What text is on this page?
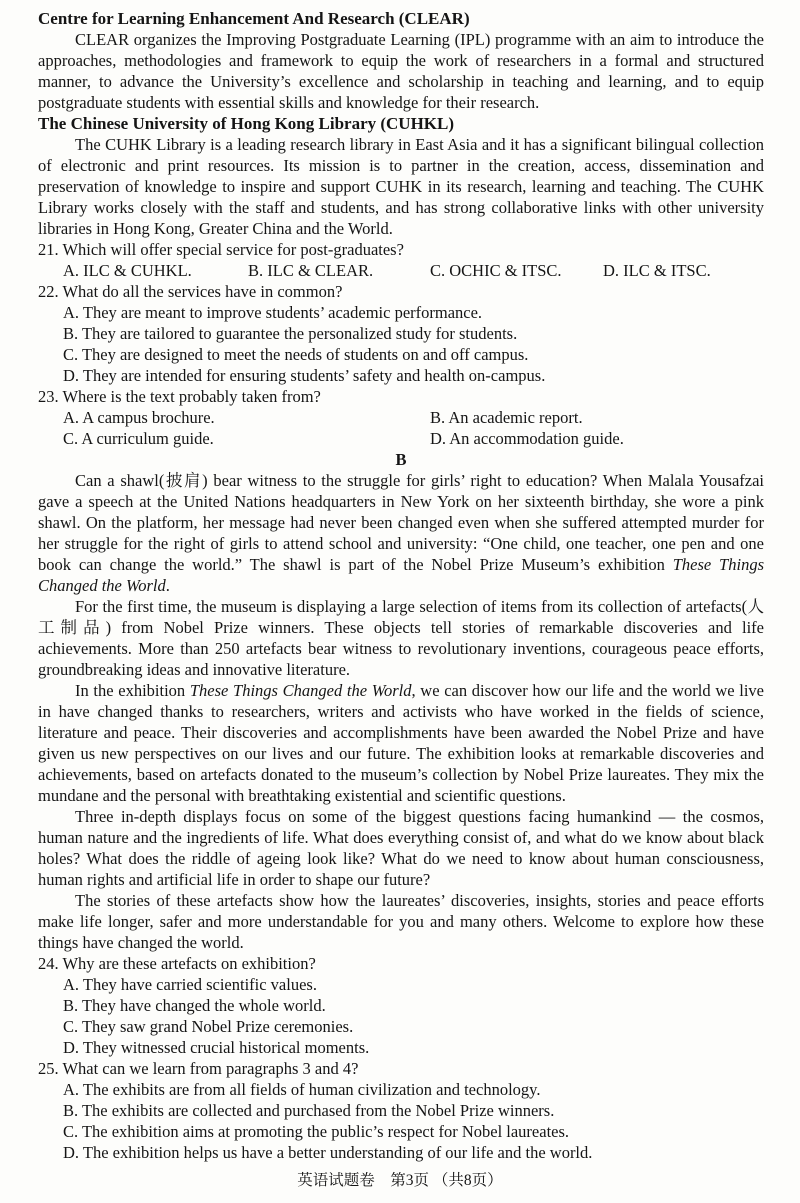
Centre for Learning Enhancement And Research (CLEAR)

CLEAR organizes the Improving Postgraduate Learning (IPL) programme with an aim to introduce the approaches, methodologies and framework to equip the work of researchers in a formal and structured manner, to advance the University’s excellence and scholarship in teaching and learning, and to equip postgraduate students with essential skills and knowledge for their research.

The Chinese University of Hong Kong Library (CUHKL)

The CUHK Library is a leading research library in East Asia and it has a significant bilingual collection of electronic and print resources. Its mission is to partner in the creation, access, dissemination and preservation of knowledge to inspire and support CUHK in its research, learning and teaching. The CUHK Library works closely with the staff and students, and has strong collaborative links with other university libraries in Hong Kong, Greater China and the World.

21. Which will offer special service for post-graduates?
A. ILC & CUHKL.	B. ILC & CLEAR.	C. OCHIC & ITSC.	D. ILC & ITSC.
22. What do all the services have in common?
A. They are meant to improve students’ academic performance.
B. They are tailored to guarantee the personalized study for students.
C. They are designed to meet the needs of students on and off campus.
D. They are intended for ensuring students’ safety and health on-campus.
23. Where is the text probably taken from?
A. A campus brochure.	B. An academic report.
C. A curriculum guide.	D. An accommodation guide.
B

Can a shawl(披肩) bear witness to the struggle for girls’ right to education? When Malala Yousafzai gave a speech at the United Nations headquarters in New York on her sixteenth birthday, she wore a pink shawl. On the platform, her message had never been changed even when she suffered attempted murder for her struggle for the right of girls to attend school and university: “One child, one teacher, one pen and one book can change the world.” The shawl is part of the Nobel Prize Museum’s exhibition These Things Changed the World.

For the first time, the museum is displaying a large selection of items from its collection of artefacts(人工制品) from Nobel Prize winners. These objects tell stories of remarkable discoveries and life achievements. More than 250 artefacts bear witness to revolutionary inventions, courageous peace efforts, groundbreaking ideas and innovative literature.

In the exhibition These Things Changed the World, we can discover how our life and the world we live in have changed thanks to researchers, writers and activists who have worked in the fields of science, literature and peace. Their discoveries and accomplishments have been awarded the Nobel Prize and have given us new perspectives on our lives and our future. The exhibition looks at remarkable discoveries and achievements, based on artefacts donated to the museum’s collection by Nobel Prize laureates. They mix the mundane and the personal with breathtaking existential and scientific questions.

Three in-depth displays focus on some of the biggest questions facing humankind — the cosmos, human nature and the ingredients of life. What does everything consist of, and what do we know about black holes? What does the riddle of ageing look like? What do we need to know about human consciousness, human rights and artificial life in order to shape our future?

The stories of these artefacts show how the laureates’ discoveries, insights, stories and peace efforts make life longer, safer and more understandable for you and many others. Welcome to explore how these things have changed the world.

24. Why are these artefacts on exhibition?
A. They have carried scientific values.
B. They have changed the whole world.
C. They saw grand Nobel Prize ceremonies.
D. They witnessed crucial historical moments.
25. What can we learn from paragraphs 3 and 4?
A. The exhibits are from all fields of human civilization and technology.
B. The exhibits are collected and purchased from the Nobel Prize winners.
C. The exhibition aims at promoting the public’s respect for Nobel laureates.
D. The exhibition helps us have a better understanding of our life and the world.
英语试题卷　第3页 （共8页）
